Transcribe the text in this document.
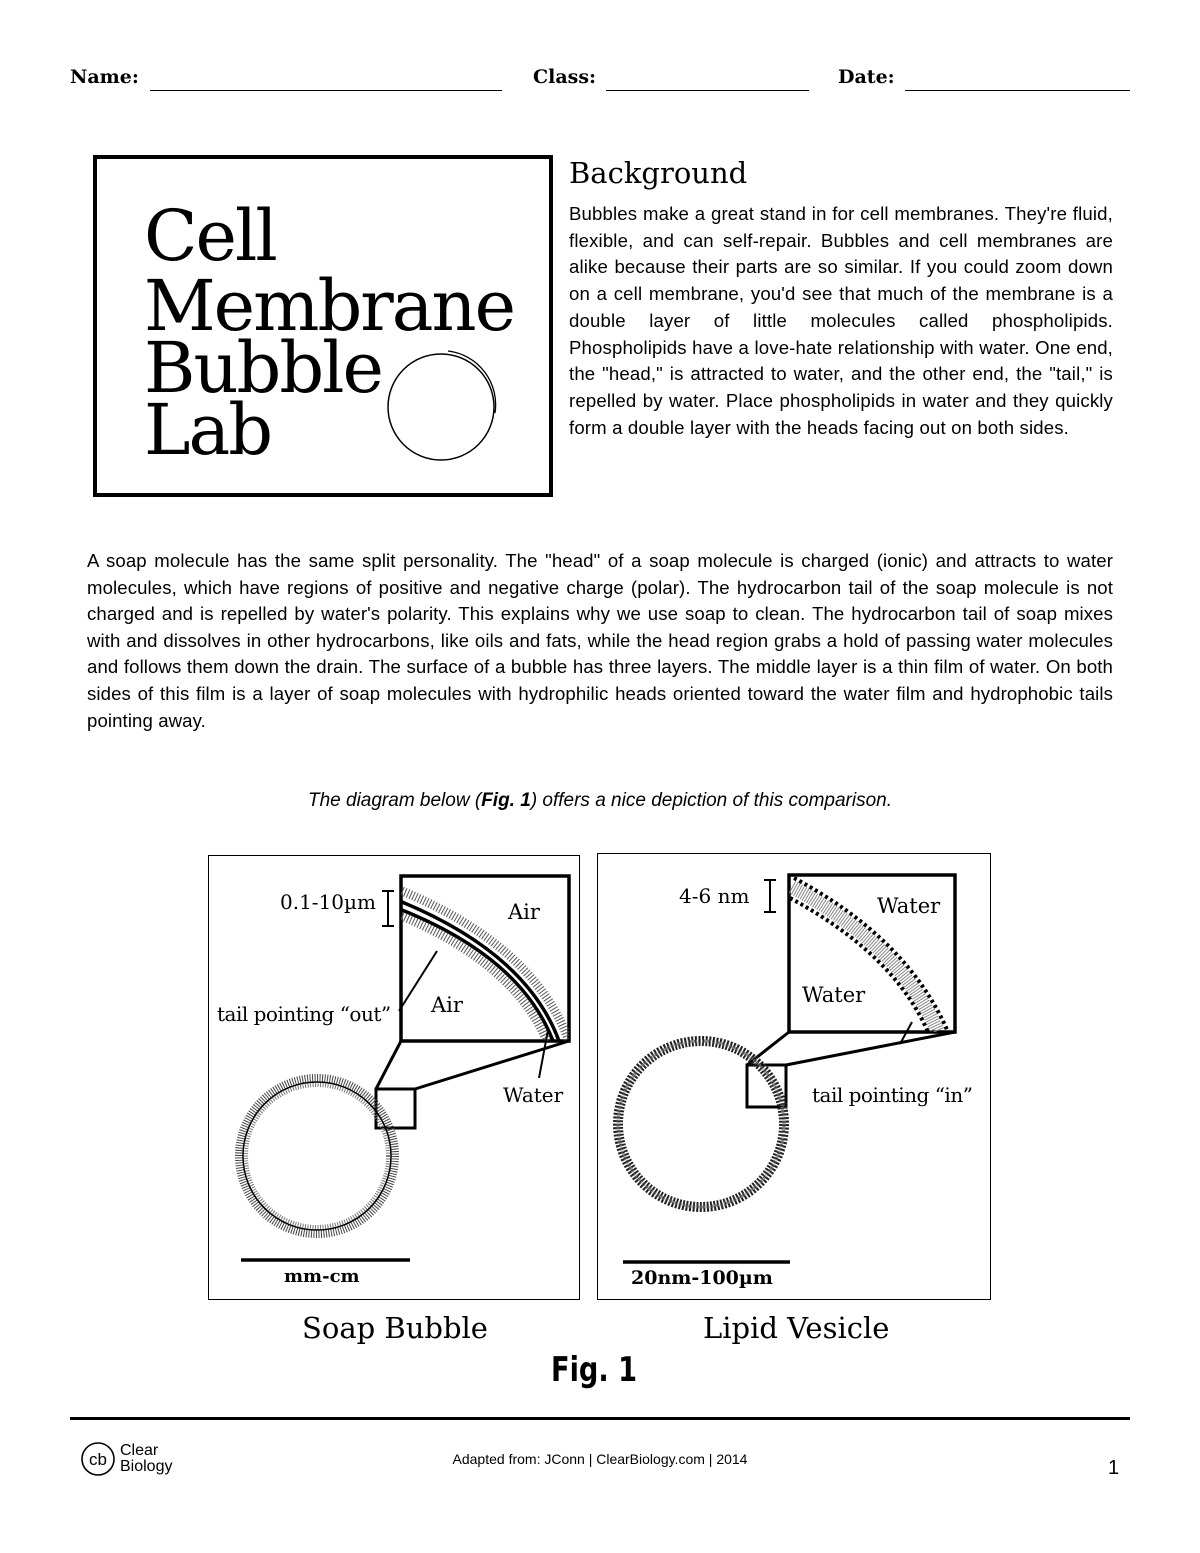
Name:	Class:	Date:
Cell
Membrane
Bubble
Lab
Background
Bubbles make a great stand in for cell membranes. They're fluid, flexible, and can self-repair. Bubbles and cell membranes are alike because their parts are so similar. If you could zoom down on a cell membrane, you'd see that much of the membrane is a double layer of little molecules called phospholipids. Phospholipids have a love-hate relationship with water. One end, the "head," is attracted to water, and the other end, the "tail," is repelled by water. Place phospholipids in water and they quickly form a double layer with the heads facing out on both sides.
A soap molecule has the same split personality. The "head" of a soap molecule is charged (ionic) and attracts to water molecules, which have regions of positive and negative charge (polar). The hydrocarbon tail of the soap molecule is not charged and is repelled by water's polarity. This explains why we use soap to clean. The hydrocarbon tail of soap mixes with and dissolves in other hydrocarbons, like oils and fats, while the head region grabs a hold of passing water molecules and follows them down the drain. The surface of a bubble has three layers. The middle layer is a thin film of water. On both sides of this film is a layer of soap molecules with hydrophilic heads oriented toward the water film and hydrophobic tails pointing away.
The diagram below (Fig. 1) offers a nice depiction of this comparison.
0.1-10µm	Air
Air
tail pointing “out”
Water
mm-cm
4-6 nm	Water
Water
tail pointing “in”
20nm-100µm
Soap Bubble	Lipid Vesicle
Fig. 1
cb Clear
Biology	Adapted from: JConn | ClearBiology.com | 2014	1
